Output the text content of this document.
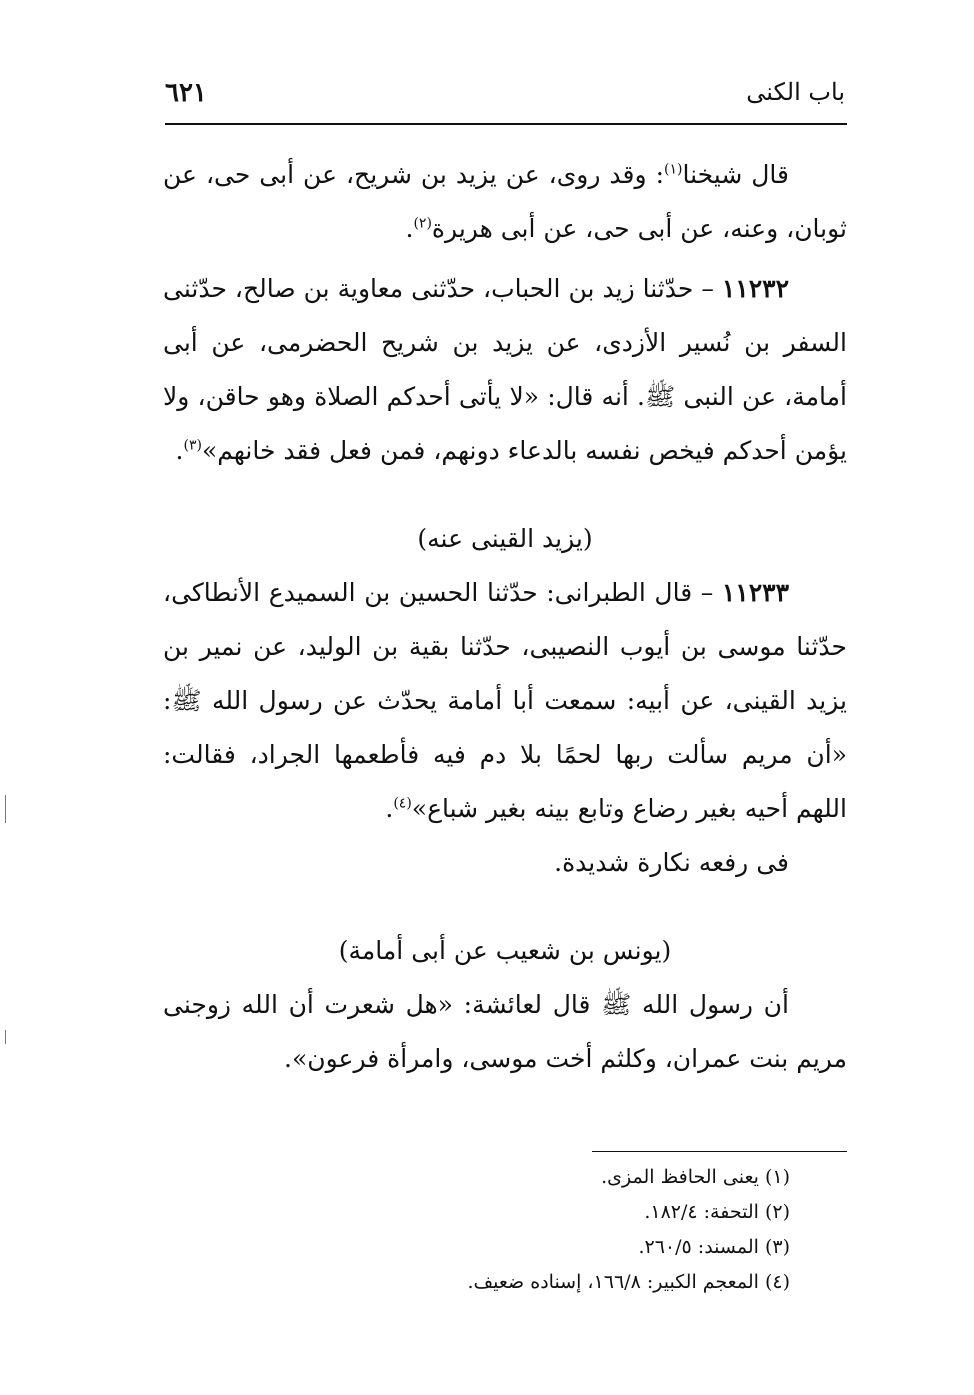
باب الكنى
٦٢١

قال شيخنا$^{(١)}$: وقد روى، عن يزيد بن شريح، عن أبى حى، عن ثوبان، وعنه، عن أبى حى، عن أبى هريرة$^{(٢)}$.

١١٢٣٢ – حدّثنا زيد بن الحباب، حدّثنى معاوية بن صالح، حدّثنى السفر بن نُسير الأزدى، عن يزيد بن شريح الحضرمى، عن أبى أمامة، عن النبى ﷺ. أنه قال: «لا يأتى أحدكم الصلاة وهو حاقن، ولا يؤمن أحدكم فيخص نفسه بالدعاء دونهم، فمن فعل فقد خانهم»$^{(٣)}$.

(يزيد القينى عنه)

١١٢٣٣ – قال الطبرانى: حدّثنا الحسين بن السميدع الأنطاكى، حدّثنا موسى بن أيوب النصيبى، حدّثنا بقية بن الوليد، عن نمير بن يزيد القينى، عن أبيه: سمعت أبا أمامة يحدّث عن رسول الله ﷺ: «أن مريم سألت ربها لحمًا بلا دم فيه فأطعمها الجراد، فقالت: اللهم أحيه بغير رضاع وتابع بينه بغير شباع»$^{(٤)}$.

فى رفعه نكارة شديدة.

(يونس بن شعيب عن أبى أمامة)

أن رسول الله ﷺ قال لعائشة: «هل شعرت أن الله زوجنى مريم بنت عمران، وكلثم أخت موسى، وامرأة فرعون».

(١) يعنى الحافظ المزى.

(٢) التحفة: ١٨٢/٤.

(٣) المسند: ٢٦٠/٥.

(٤) المعجم الكبير: ١٦٦/٨، إسناده ضعيف.
